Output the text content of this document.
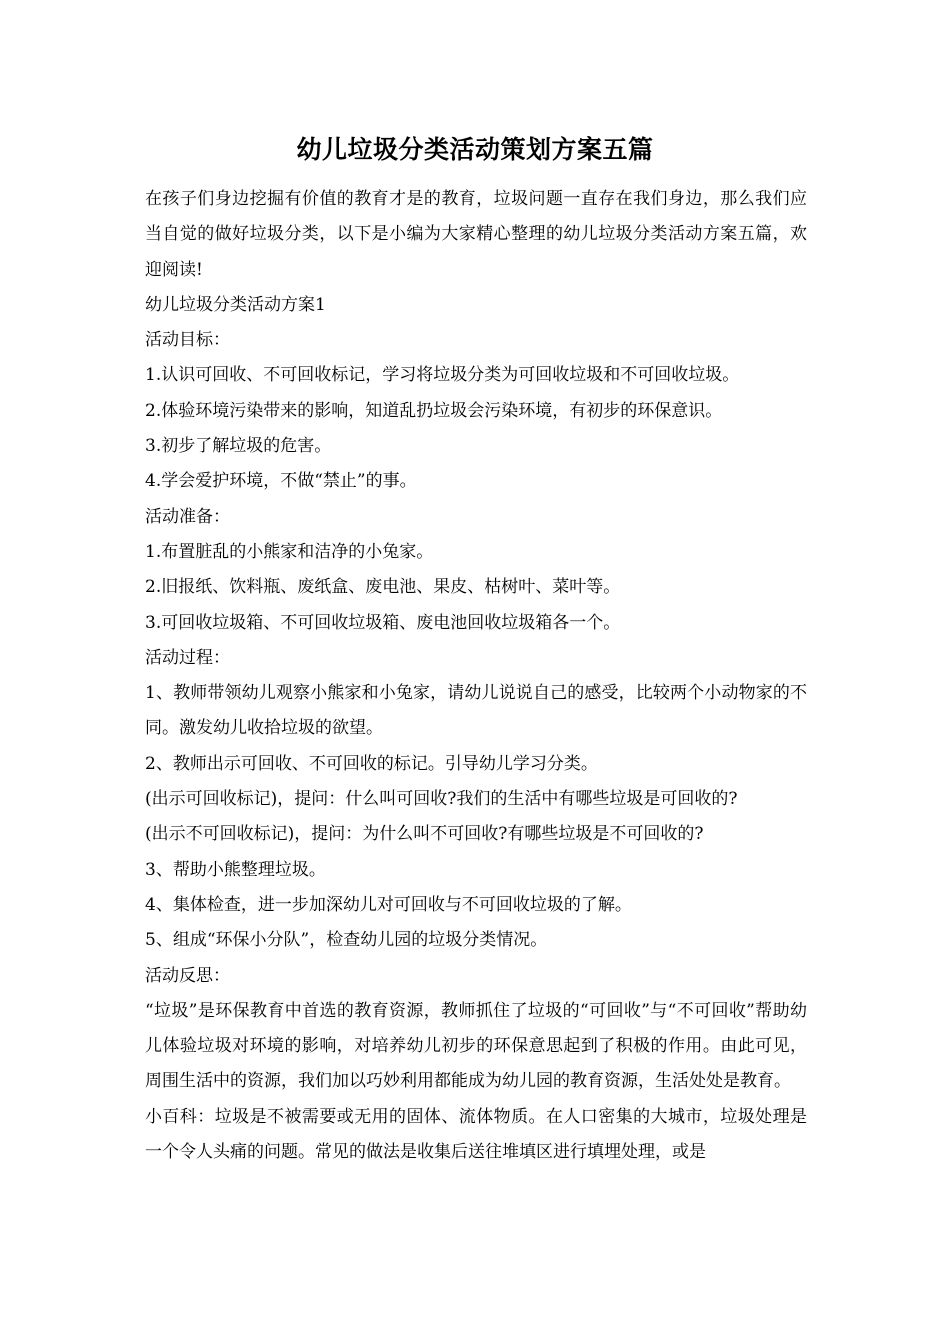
幼儿垃圾分类活动策划方案五篇

在孩子们身边挖掘有价值的教育才是的教育，垃圾问题一直存在我们身边，那么我们应当自觉的做好垃圾分类，以下是小编为大家精心整理的幼儿垃圾分类活动方案五篇，欢迎阅读!

幼儿垃圾分类活动方案1

活动目标：

1.认识可回收、不可回收标记，学习将垃圾分类为可回收垃圾和不可回收垃圾。

2.体验环境污染带来的影响，知道乱扔垃圾会污染环境，有初步的环保意识。

3.初步了解垃圾的危害。

4.学会爱护环境，不做“禁止”的事。

活动准备：

1.布置脏乱的小熊家和洁净的小兔家。

2.旧报纸、饮料瓶、废纸盒、废电池、果皮、枯树叶、菜叶等。

3.可回收垃圾箱、不可回收垃圾箱、废电池回收垃圾箱各一个。

活动过程：

1、教师带领幼儿观察小熊家和小兔家，请幼儿说说自己的感受，比较两个小动物家的不同。激发幼儿收拾垃圾的欲望。

2、教师出示可回收、不可回收的标记。引导幼儿学习分类。

(出示可回收标记)，提问：什么叫可回收?我们的生活中有哪些垃圾是可回收的?

(出示不可回收标记)，提问：为什么叫不可回收?有哪些垃圾是不可回收的?

3、帮助小熊整理垃圾。

4、集体检查，进一步加深幼儿对可回收与不可回收垃圾的了解。

5、组成“环保小分队”，检查幼儿园的垃圾分类情况。

活动反思：

“垃圾”是环保教育中首选的教育资源，教师抓住了垃圾的“可回收”与“不可回收”帮助幼儿体验垃圾对环境的影响，对培养幼儿初步的环保意思起到了积极的作用。由此可见，周围生活中的资源，我们加以巧妙利用都能成为幼儿园的教育资源，生活处处是教育。

小百科：垃圾是不被需要或无用的固体、流体物质。在人口密集的大城市，垃圾处理是一个令人头痛的问题。常见的做法是收集后送往堆填区进行填埋处理，或是
